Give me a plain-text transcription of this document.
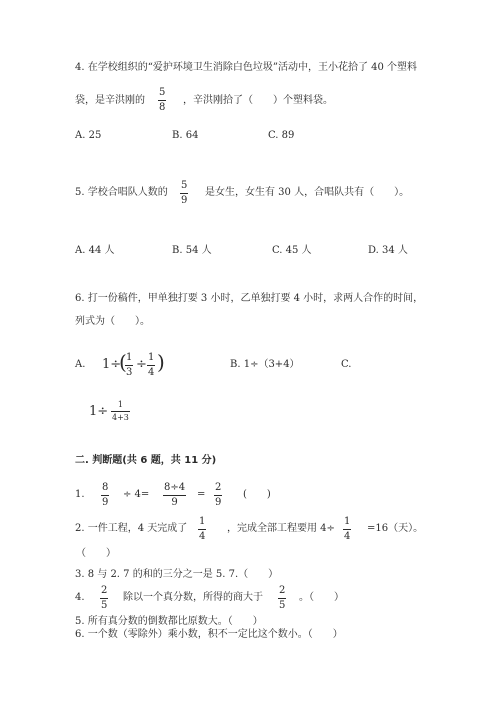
4. 在学校组织的“爱护环境卫生消除白色垃圾”活动中，王小花拾了 40 个塑料
袋，是辛洪刚的 $\frac{5}{8}$ ，辛洪刚拾了（　　）个塑料袋。
A. 25	B. 64	C. 89
5. 学校合唱队人数的 $\frac{5}{9}$ 是女生，女生有 30 人，合唱队共有（　　）。
A. 44 人	B. 54 人	C. 45 人	D. 34 人
6. 打一份稿件，甲单独打要 3 小时，乙单独打要 4 小时，求两人合作的时间，
列式为（　　）。
A. 1÷
(
$\frac{1}{3} \div \frac{1}{4}$ )	B. 1÷（3+4）	C.
$1\div \frac{1}{4+3}$
二. 判断题(共 6 题，共 11 分)
1. $\frac{8}{9} \div 4= \frac{8\div 4}{9} = \frac{2}{9}$ (　　)
2. 一件工程，4 天完成了 $\frac{1}{4}$ ，完成全部工程要用 $4\div \frac{1}{4} =16$（天）。
（　　）
3. 8 与 2. 7 的和的三分之一是 5. 7.（　　）
4. $\frac{2}{5}$ 除以一个真分数，所得的商大于 $\frac{2}{5}$ 。（　　）
5. 所有真分数的倒数都比原数大。（　　）
6. 一个数（零除外）乘小数，积不一定比这个数小。（　　）
